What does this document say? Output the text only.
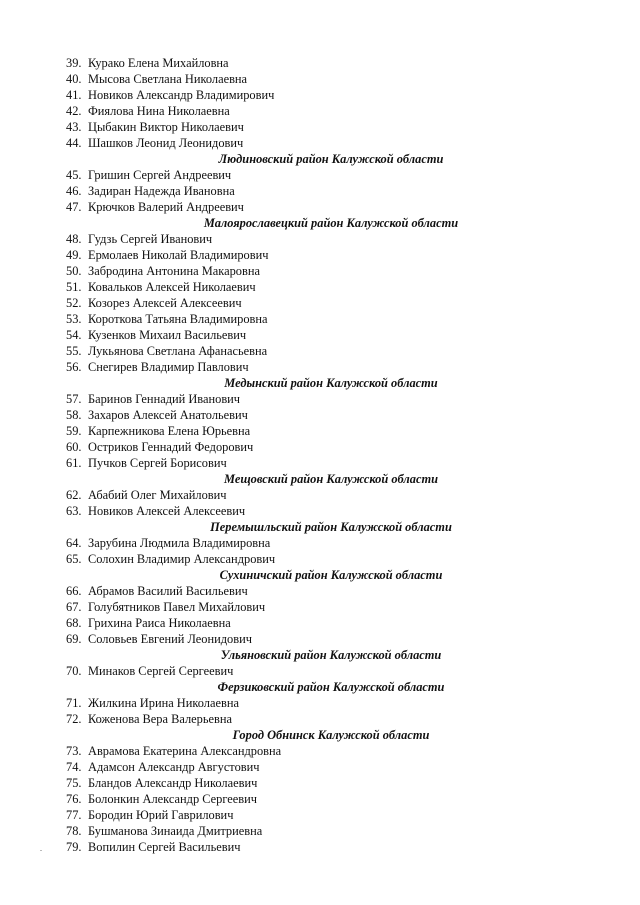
39. Курако Елена Михайловна
40. Мысова Светлана Николаевна
41. Новиков Александр Владимирович
42. Фиялова Нина Николаевна
43. Цыбакин Виктор Николаевич
44. Шашков Леонид Леонидович
Людиновский район Калужской области
45. Гришин Сергей Андреевич
46. Задиран Надежда Ивановна
47. Крючков Валерий Андреевич
Малоярославецкий район Калужской области
48. Гудзь Сергей Иванович
49. Ермолаев Николай Владимирович
50. Забродина Антонина Макаровна
51. Ковальков Алексей Николаевич
52. Козорез Алексей Алексеевич
53. Короткова Татьяна Владимировна
54. Кузенков Михаил Васильевич
55. Лукьянова Светлана Афанасьевна
56. Снегирев Владимир Павлович
Медынский район Калужской области
57. Баринов Геннадий Иванович
58. Захаров Алексей Анатольевич
59. Карпежникова Елена Юрьевна
60. Остриков Геннадий Федорович
61. Пучков Сергей Борисович
Мещовский район Калужской области
62. Абабий Олег Михайлович
63. Новиков Алексей Алексеевич
Перемышльский район Калужской области
64. Зарубина Людмила Владимировна
65. Солохин Владимир Александрович
Сухиничский район Калужской области
66. Абрамов Василий Васильевич
67. Голубятников Павел Михайлович
68. Грихина Раиса Николаевна
69. Соловьев Евгений Леонидович
Ульяновский район Калужской области
70. Минаков Сергей Сергеевич
Ферзиковский район Калужской области
71. Жилкина Ирина Николаевна
72. Коженова Вера Валерьевна
Город Обнинск Калужской области
73. Аврамова Екатерина Александровна
74. Адамсон Александр Августович
75. Бландов Александр Николаевич
76. Болонкин Александр Сергеевич
77. Бородин Юрий Гаврилович
78. Бушманова Зинаида Дмитриевна
79. Вопилин Сергей Васильевич
